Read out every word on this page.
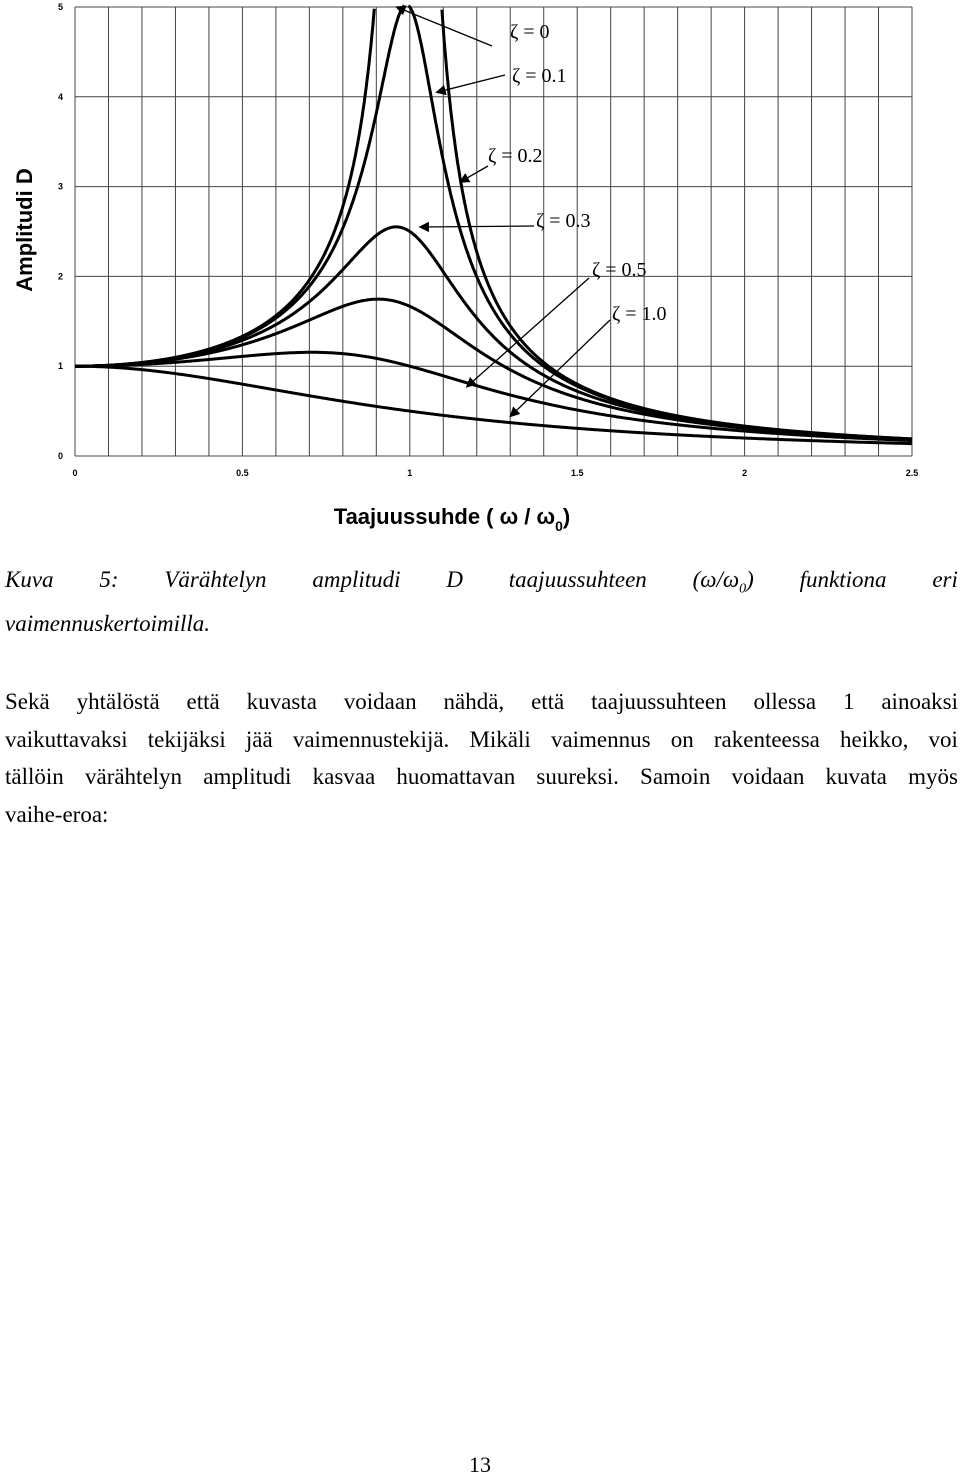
0	0.5	1	1.5	2	2.5
0
1
2
3
4
5
ζ = 0
ζ = 0.1
ζ = 0.2
ζ = 0.3
ζ = 0.5
ζ = 1.0
Amplitudi D
Taajuussuhde ( ω / $\omega_0$)
Kuva 5: Värähtelyn amplitudi D taajuussuhteen $(\omega/\omega_0)$ funktiona eri
vaimennuskertoimilla.
Sekä yhtälöstä että kuvasta voidaan nähdä, että taajuussuhteen ollessa 1 ainoaksi
vaikuttavaksi tekijäksi jää vaimennustekijä. Mikäli vaimennus on rakenteessa heikko, voi
tällöin värähtelyn amplitudi kasvaa huomattavan suureksi. Samoin voidaan kuvata myös
vaihe-eroa:
13
